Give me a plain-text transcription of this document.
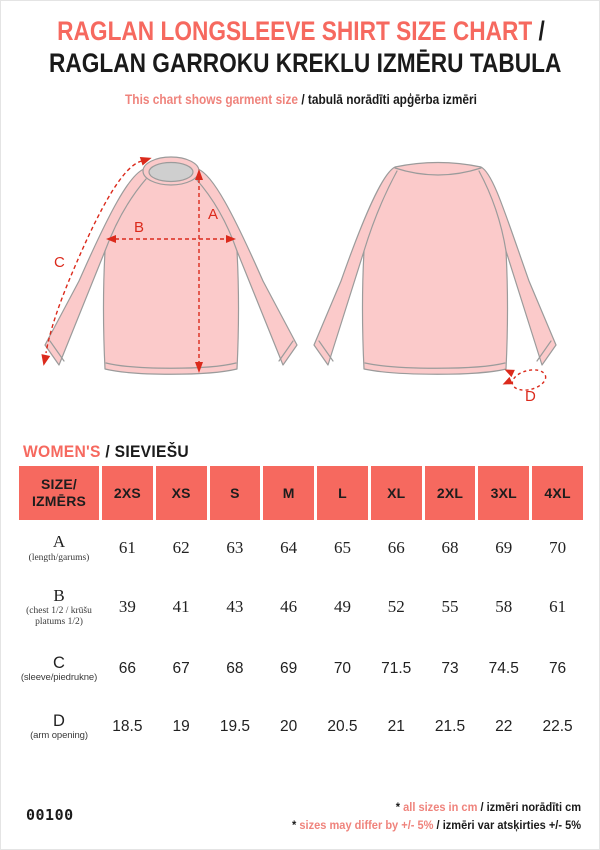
RAGLAN LONGSLEEVE SHIRT SIZE CHART /
RAGLAN GARROKU KREKLU IZMĒRU TABULA

This chart shows garment size / tabulā norādīti apģērba izmēri

A
B
C
D
WOMEN'S / SIEVIEŠU
SIZE/
IZMĒRS	2XS	XS	S	M	L	XL	2XL	3XL	4XL

A
(length/garums)	61	62	63	64	65	66	68	69	70

B
(chest 1/2 / krūšu platums 1/2)	39	41	43	46	49	52	55	58	61

C
(sleeve/piedrukne)	66	67	68	69	70	71.5	73	74.5	76

D
(arm opening)	18.5	19	19.5	20	20.5	21	21.5	22	22.5
00100	* all sizes in cm / izmēri norādīti cm
* sizes may differ by +/- 5% / izmēri var atsķirties +/- 5%
